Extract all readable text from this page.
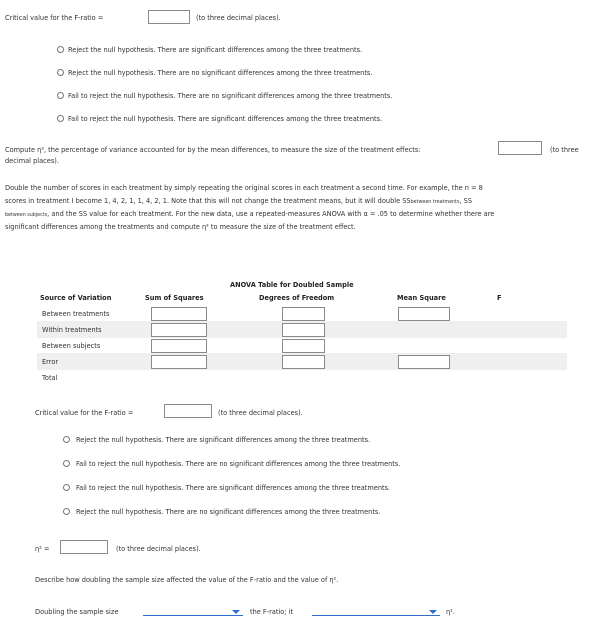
Critical value for the F-ratio =	(to three decimal places).
Reject the null hypothesis. There are significant differences among the three treatments.
Reject the null hypothesis. There are no significant differences among the three treatments.
Fail to reject the null hypothesis. There are no significant differences among the three treatments.
Fail to reject the null hypothesis. There are significant differences among the three treatments.
Compute η², the percentage of variance accounted for by the mean differences, to measure the size of the treatment effects:	(to three
decimal places).
Double the number of scores in each treatment by simply repeating the original scores in each treatment a second time. For example, the n = 8
scores in treatment I become 1, 4, 2, 1, 1, 4, 2, 1. Note that this will not change the treatment means, but it will double SSbetween treatments, SS
between subjects, and the SS value for each treatment. For the new data, use a repeated-measures ANOVA with α = .05 to determine whether there are
significant differences among the treatments and compute η² to measure the size of the treatment effect.
ANOVA Table for Doubled Sample
Source of Variation	Sum of Squares	Degrees of Freedom	Mean Square	F
Between treatments
Within treatments
Between subjects
Error
Total
Critical value for the F-ratio =	(to three decimal places).
Reject the null hypothesis. There are significant differences among the three treatments.
Fail to reject the null hypothesis. There are no significant differences among the three treatments.
Fail to reject the null hypothesis. There are significant differences among the three treatments.
Reject the null hypothesis. There are no significant differences among the three treatments.
η² =	(to three decimal places).
Describe how doubling the sample size affected the value of the F-ratio and the value of η².
Doubling the sample size	the F-ratio; it	η².
